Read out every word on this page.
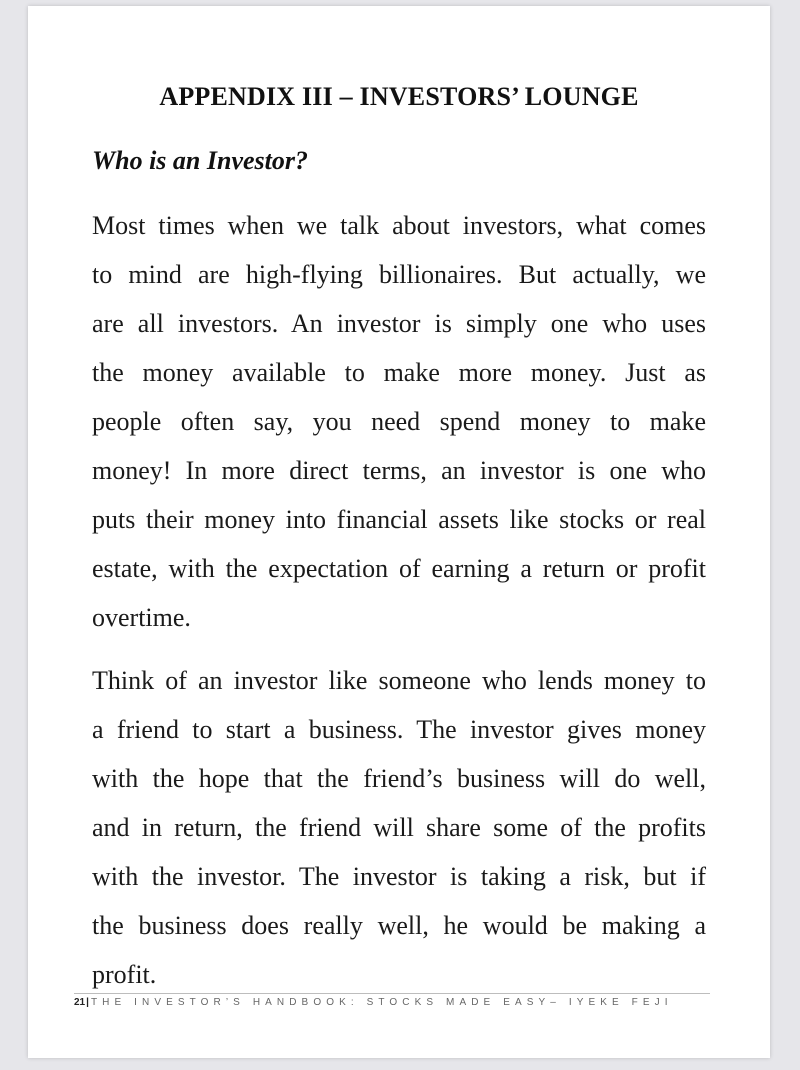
APPENDIX III – INVESTORS’ LOUNGE
Who is an Investor?

Most times when we talk about investors, what comes
to mind are high-flying billionaires. But actually, we
are all investors. An investor is simply one who uses
the money available to make more money. Just as
people often say, you need spend money to make
money! In more direct terms, an investor is one who
puts their money into financial assets like stocks or real
estate, with the expectation of earning a return or profit
overtime.

Think of an investor like someone who lends money to
a friend to start a business. The investor gives money
with the hope that the friend’s business will do well,
and in return, the friend will share some of the profits
with the investor. The investor is taking a risk, but if
the business does really well, he would be making a
profit.

21| THE INVESTOR’S HANDBOOK: STOCKS MADE EASY– IYEKE FEJI
